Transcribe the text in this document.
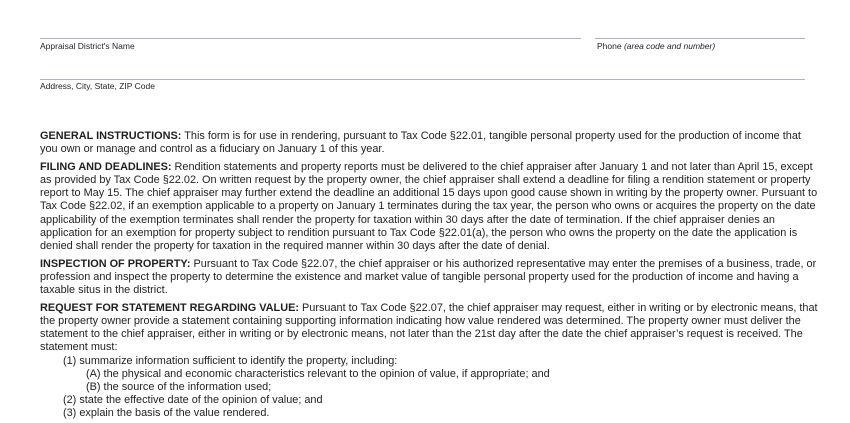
Appraisal District's Name	Phone (area code and number)
Address, City, State, ZIP Code

GENERAL INSTRUCTIONS: This form is for use in rendering, pursuant to Tax Code §22.01, tangible personal property used for the production of income that you own or manage and control as a fiduciary on January 1 of this year.

FILING AND DEADLINES: Rendition statements and property reports must be delivered to the chief appraiser after January 1 and not later than April 15, except as provided by Tax Code §22.02. On written request by the property owner, the chief appraiser shall extend a deadline for filing a rendition statement or property report to May 15. The chief appraiser may further extend the deadline an additional 15 days upon good cause shown in writing by the property owner. Pursuant to Tax Code §22.02, if an exemption applicable to a property on January 1 terminates during the tax year, the person who owns or acquires the property on the date applicability of the exemption terminates shall render the property for taxation within 30 days after the date of termination. If the chief appraiser denies an application for an exemption for property subject to rendition pursuant to Tax Code §22.01(a), the person who owns the property on the date the application is denied shall render the property for taxation in the required manner within 30 days after the date of denial.

INSPECTION OF PROPERTY: Pursuant to Tax Code §22.07, the chief appraiser or his authorized representative may enter the premises of a business, trade, or profession and inspect the property to determine the existence and market value of tangible personal property used for the production of income and having a taxable situs in the district.

REQUEST FOR STATEMENT REGARDING VALUE: Pursuant to Tax Code §22.07, the chief appraiser may request, either in writing or by electronic means, that the property owner provide a statement containing supporting information indicating how value rendered was determined. The property owner must deliver the statement to the chief appraiser, either in writing or by electronic means, not later than the 21st day after the date the chief appraiser’s request is received. The statement must:

(1) summarize information sufficient to identify the property, including:

(A) the physical and economic characteristics relevant to the opinion of value, if appropriate; and

(B) the source of the information used;

(2) state the effective date of the opinion of value; and

(3) explain the basis of the value rendered.
